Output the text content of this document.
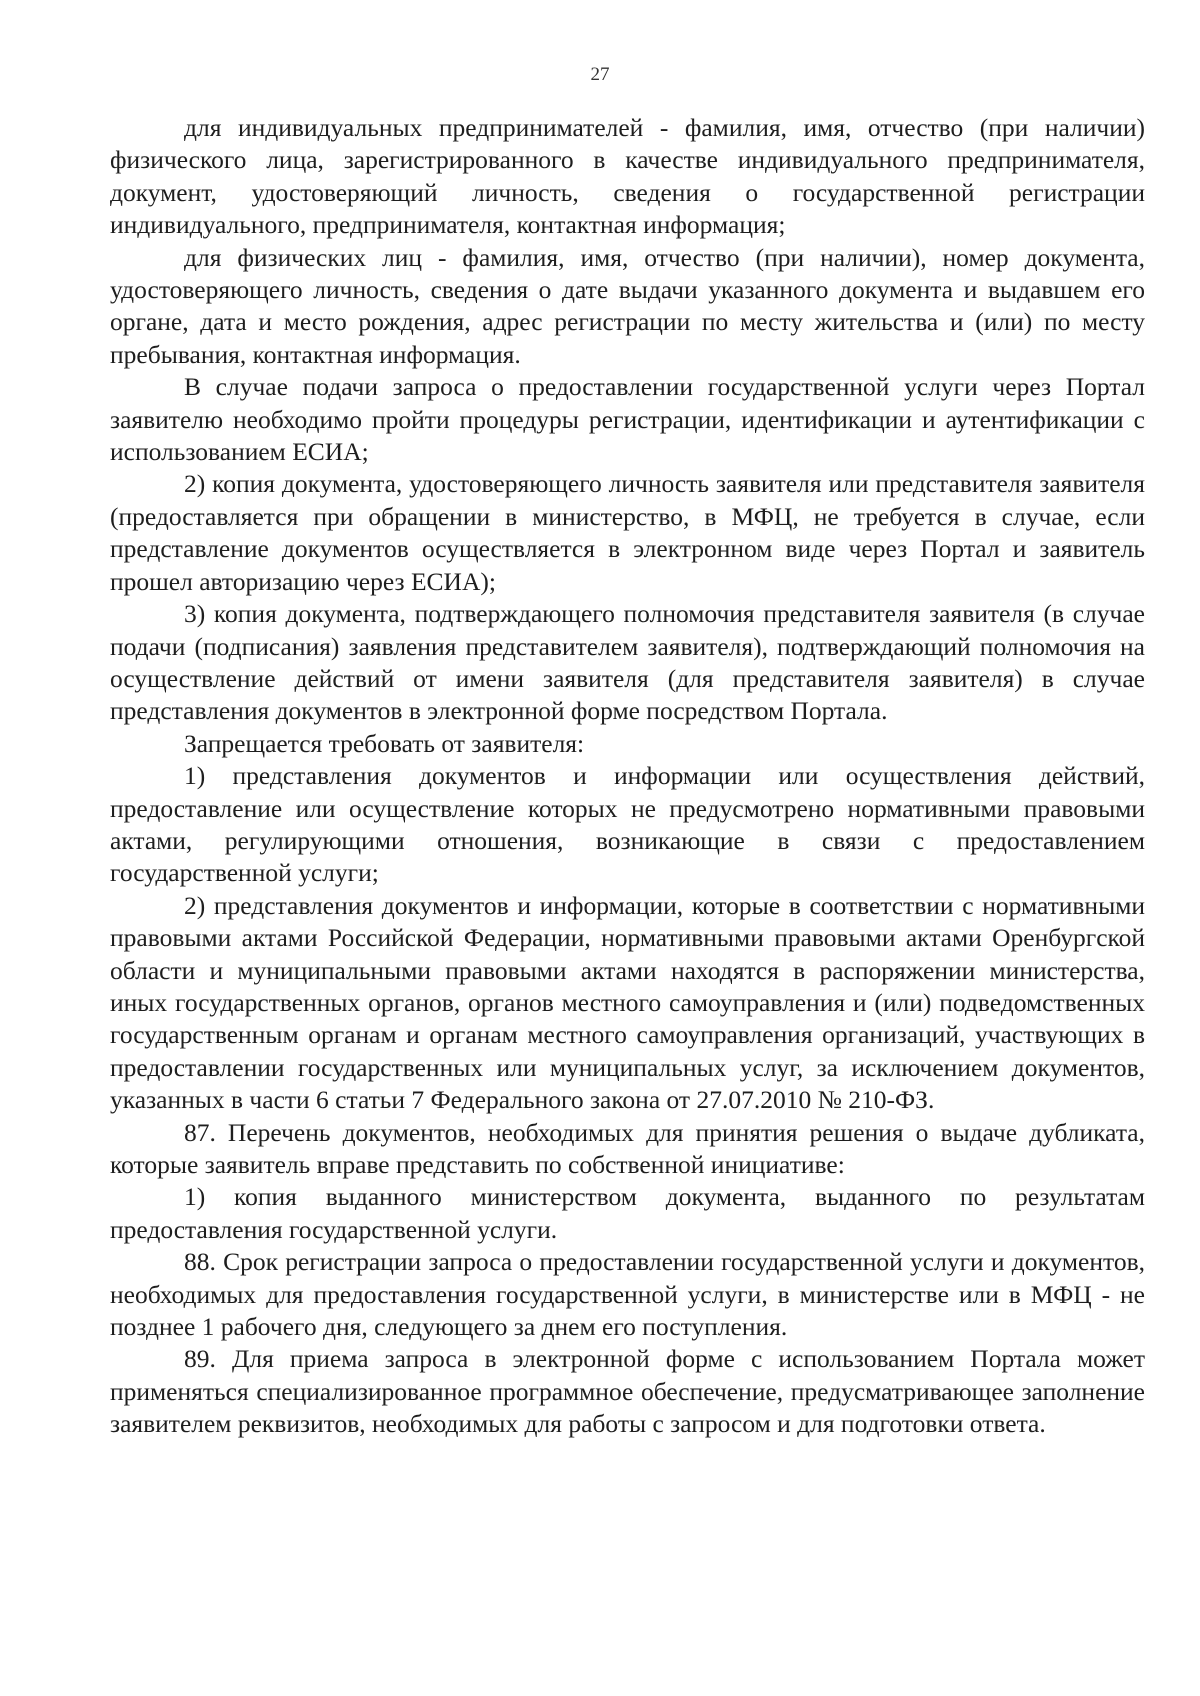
27

для индивидуальных предпринимателей - фамилия, имя, отчество (при наличии) физического лица, зарегистрированного в качестве индивидуального предпринимателя, документ, удостоверяющий личность, сведения о государственной регистрации индивидуального, предпринимателя, контактная информация;

для физических лиц - фамилия, имя, отчество (при наличии), номер документа, удостоверяющего личность, сведения о дате выдачи указанного документа и выдавшем его органе, дата и место рождения, адрес регистрации по месту жительства и (или) по месту пребывания, контактная информация.

В случае подачи запроса о предоставлении государственной услуги через Портал заявителю необходимо пройти процедуры регистрации, идентификации и аутентификации с использованием ЕСИА;

2) копия документа, удостоверяющего личность заявителя или представителя заявителя (предоставляется при обращении в министерство, в МФЦ, не требуется в случае, если представление документов осуществляется в электронном виде через Портал и заявитель прошел авторизацию через ЕСИА);

3) копия документа, подтверждающего полномочия представителя заявителя (в случае подачи (подписания) заявления представителем заявителя), подтверждающий полномочия на осуществление действий от имени заявителя (для представителя заявителя) в случае представления документов в электронной форме посредством Портала.

Запрещается требовать от заявителя:

1) представления документов и информации или осуществления действий, предоставление или осуществление которых не предусмотрено нормативными правовыми актами, регулирующими отношения, возникающие в связи с предоставлением государственной услуги;

2) представления документов и информации, которые в соответствии с нормативными правовыми актами Российской Федерации, нормативными правовыми актами Оренбургской области и муниципальными правовыми актами находятся в распоряжении министерства, иных государственных органов, органов местного самоуправления и (или) подведомственных государственным органам и органам местного самоуправления организаций, участвующих в предоставлении государственных или муниципальных услуг, за исключением документов, указанных в части 6 статьи 7 Федерального закона от 27.07.2010 № 210-ФЗ.

87. Перечень документов, необходимых для принятия решения о выдаче дубликата, которые заявитель вправе представить по собственной инициативе:

1) копия выданного министерством документа, выданного по результатам предоставления государственной услуги.

88. Срок регистрации запроса о предоставлении государственной услуги и документов, необходимых для предоставления государственной услуги, в министерстве или в МФЦ - не позднее 1 рабочего дня, следующего за днем его поступления.

89. Для приема запроса в электронной форме с использованием Портала может применяться специализированное программное обеспечение, предусматривающее заполнение заявителем реквизитов, необходимых для работы с запросом и для подготовки ответа.
